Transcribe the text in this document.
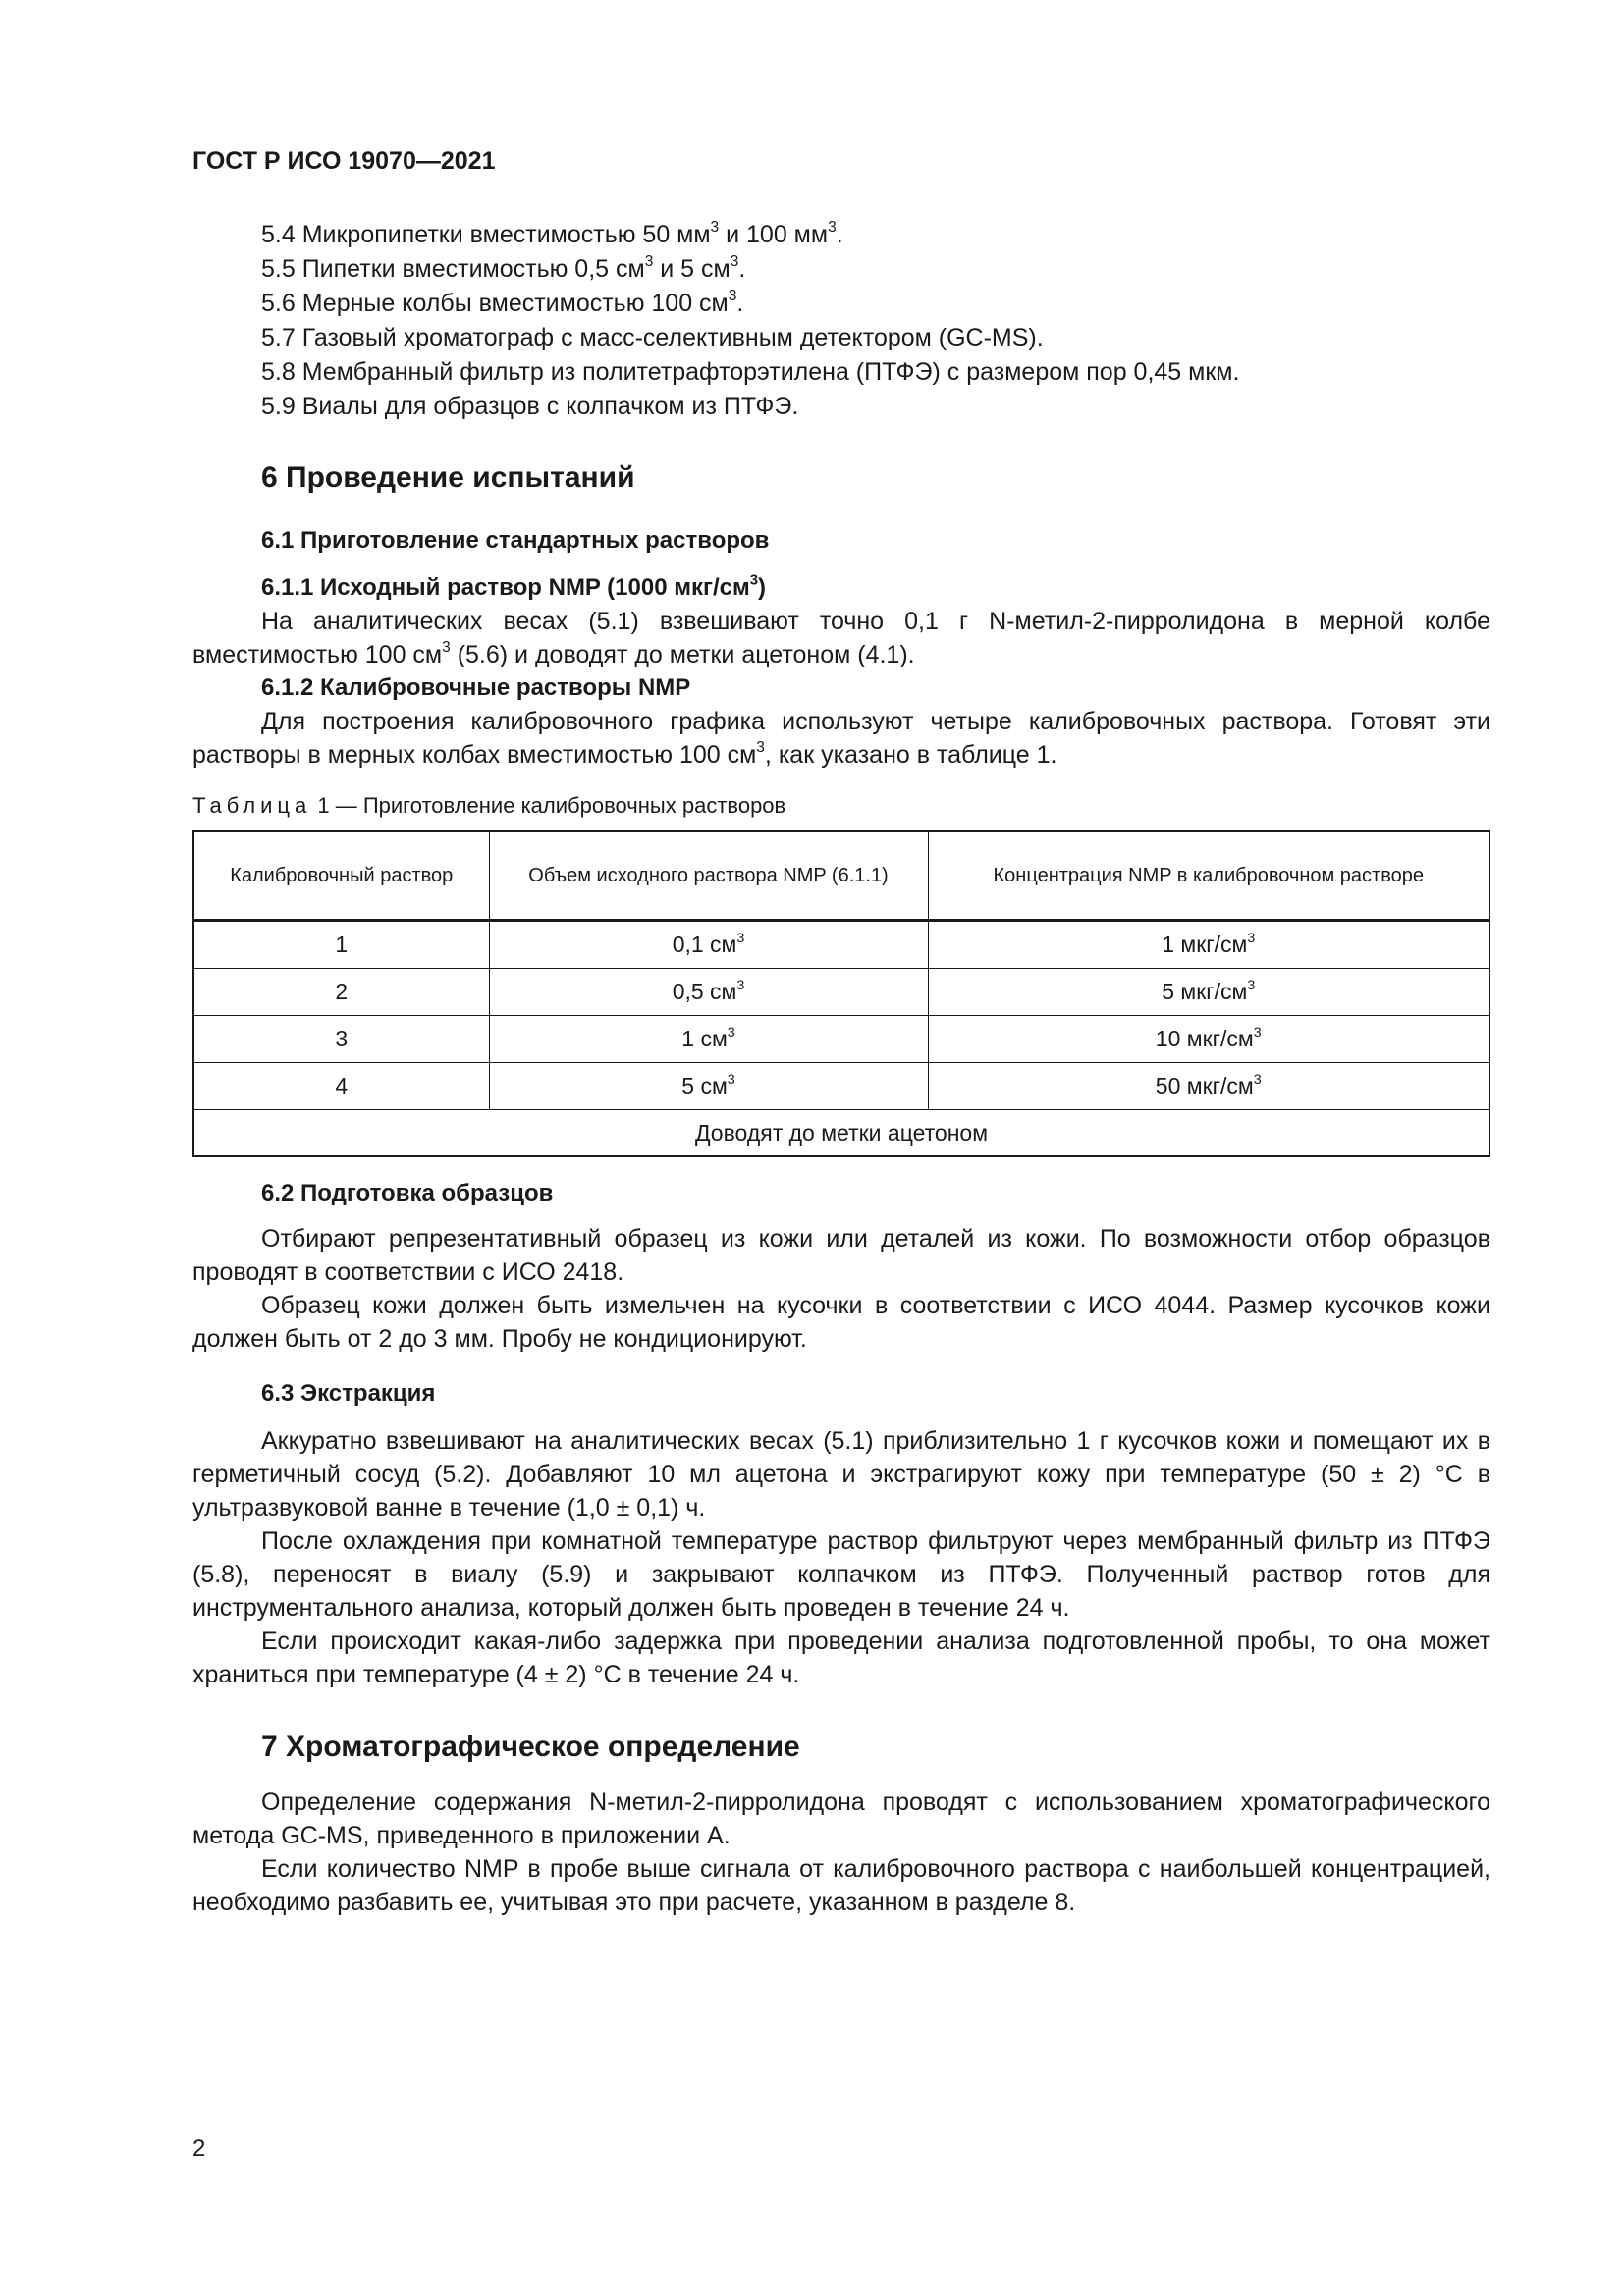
ГОСТ Р ИСО 19070—2021
5.4 Микропипетки вместимостью 50 $мм^3$ и 100 $мм^3$.
5.5 Пипетки вместимостью 0,5 $см^3$ и 5 $см^3$.
5.6 Мерные колбы вместимостью 100 $см^3$.
5.7 Газовый хроматограф с масс-селективным детектором (GC-MS).
5.8 Мембранный фильтр из политетрафторэтилена (ПТФЭ) с размером пор 0,45 мкм.
5.9 Виалы для образцов с колпачком из ПТФЭ.
6 Проведение испытаний
6.1 Приготовление стандартных растворов
6.1.1 Исходный раствор NMP (1000 мкг/$см^3$)

На аналитических весах (5.1) взвешивают точно 0,1 г N-метил-2-пирролидона в мерной колбе вместимостью 100 $см^3$ (5.6) и доводят до метки ацетоном (4.1).

6.1.2 Калибровочные растворы NMP

Для построения калибровочного графика используют четыре калибровочных раствора. Готовят эти растворы в мерных колбах вместимостью 100 $см^3$, как указано в таблице 1.

Таблица 1 — Приготовление калибровочных растворов

Калибровочный раствор	Объем исходного раствора NMP (6.1.1)	Концентрация NMP в калибровочном растворе
1	0,1 $см^3$	1 мкг/$см^3$
2	0,5 $см^3$	5 мкг/$см^3$
3	1 $см^3$	10 мкг/$см^3$
4	5 $см^3$	50 мкг/$см^3$
Доводят до метки ацетоном		
6.2 Подготовка образцов

Отбирают репрезентативный образец из кожи или деталей из кожи. По возможности отбор образцов проводят в соответствии с ИСО 2418.

Образец кожи должен быть измельчен на кусочки в соответствии с ИСО 4044. Размер кусочков кожи должен быть от 2 до 3 мм. Пробу не кондиционируют.

6.3 Экстракция

Аккуратно взвешивают на аналитических весах (5.1) приблизительно 1 г кусочков кожи и помещают их в герметичный сосуд (5.2). Добавляют 10 мл ацетона и экстрагируют кожу при температуре (50 ± 2) °С в ультразвуковой ванне в течение (1,0 ± 0,1) ч.

После охлаждения при комнатной температуре раствор фильтруют через мембранный фильтр из ПТФЭ (5.8), переносят в виалу (5.9) и закрывают колпачком из ПТФЭ. Полученный раствор готов для инструментального анализа, который должен быть проведен в течение 24 ч.

Если происходит какая-либо задержка при проведении анализа подготовленной пробы, то она может храниться при температуре (4 ± 2) °С в течение 24 ч.

7 Хроматографическое определение

Определение содержания N-метил-2-пирролидона проводят с использованием хроматографического метода GC-MS, приведенного в приложении А.

Если количество NMP в пробе выше сигнала от калибровочного раствора с наибольшей концентрацией, необходимо разбавить ее, учитывая это при расчете, указанном в разделе 8.

2
